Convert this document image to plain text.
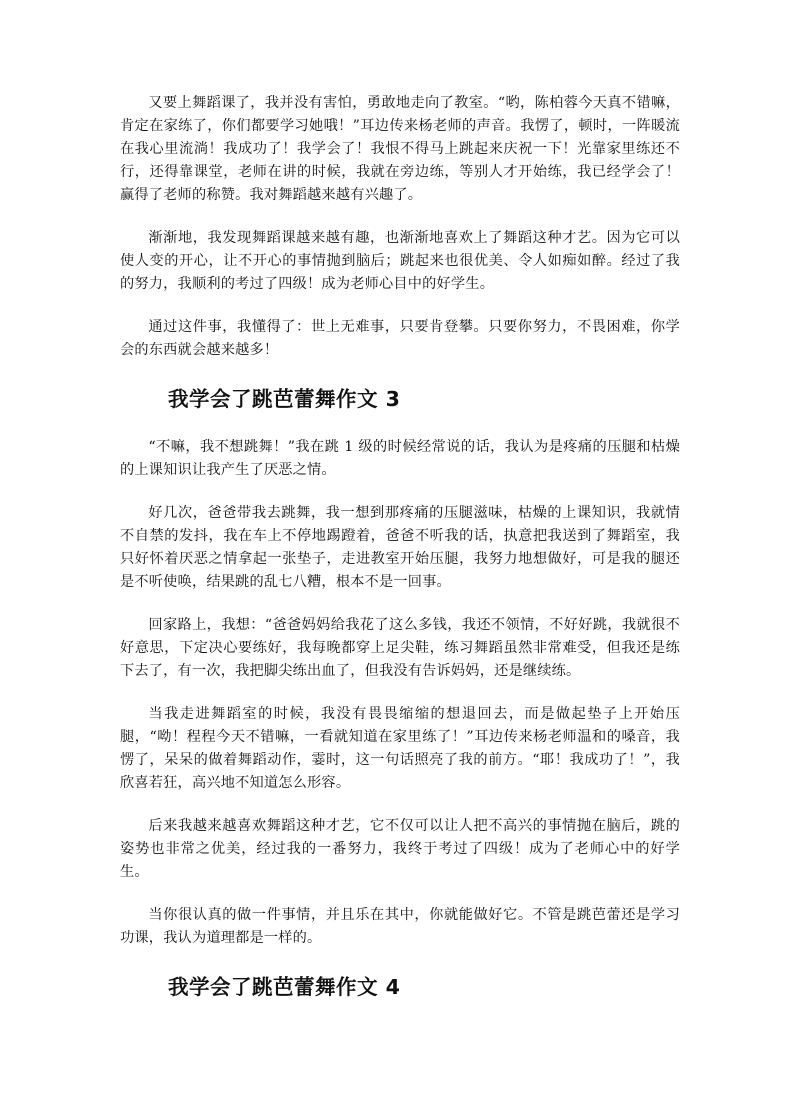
又要上舞蹈课了，我并没有害怕，勇敢地走向了教室。“哟，陈柏蓉今天真不错嘛，肯定在家练了，你们都要学习她哦！”耳边传来杨老师的声音。我愣了，顿时，一阵暖流在我心里流淌！我成功了！我学会了！我恨不得马上跳起来庆祝一下！光靠家里练还不行，还得靠课堂，老师在讲的时候，我就在旁边练，等别人才开始练，我已经学会了！赢得了老师的称赞。我对舞蹈越来越有兴趣了。

渐渐地，我发现舞蹈课越来越有趣，也渐渐地喜欢上了舞蹈这种才艺。因为它可以使人变的开心，让不开心的事情抛到脑后；跳起来也很优美、令人如痴如醉。经过了我的努力，我顺利的考过了四级！成为老师心目中的好学生。

通过这件事，我懂得了：世上无难事，只要肯登攀。只要你努力，不畏困难，你学会的东西就会越来越多！

我学会了跳芭蕾舞作文 3

“不嘛，我不想跳舞！”我在跳 1 级的时候经常说的话，我认为是疼痛的压腿和枯燥的上课知识让我产生了厌恶之情。

好几次，爸爸带我去跳舞，我一想到那疼痛的压腿滋味，枯燥的上课知识，我就情不自禁的发抖，我在车上不停地踢蹬着，爸爸不听我的话，执意把我送到了舞蹈室，我只好怀着厌恶之情拿起一张垫子，走进教室开始压腿，我努力地想做好，可是我的腿还是不听使唤，结果跳的乱七八糟，根本不是一回事。

回家路上，我想：“爸爸妈妈给我花了这么多钱，我还不领情，不好好跳，我就很不好意思，下定决心要练好，我每晚都穿上足尖鞋，练习舞蹈虽然非常难受，但我还是练下去了，有一次，我把脚尖练出血了，但我没有告诉妈妈，还是继续练。

当我走进舞蹈室的时候，我没有畏畏缩缩的想退回去，而是做起垫子上开始压腿，“呦！程程今天不错嘛，一看就知道在家里练了！”耳边传来杨老师温和的嗓音，我愣了，呆呆的做着舞蹈动作，霎时，这一句话照亮了我的前方。“耶！我成功了！”，我欣喜若狂，高兴地不知道怎么形容。

后来我越来越喜欢舞蹈这种才艺，它不仅可以让人把不高兴的事情抛在脑后，跳的姿势也非常之优美，经过我的一番努力，我终于考过了四级！成为了老师心中的好学生。

当你很认真的做一件事情，并且乐在其中，你就能做好它。不管是跳芭蕾还是学习功课，我认为道理都是一样的。

我学会了跳芭蕾舞作文 4
